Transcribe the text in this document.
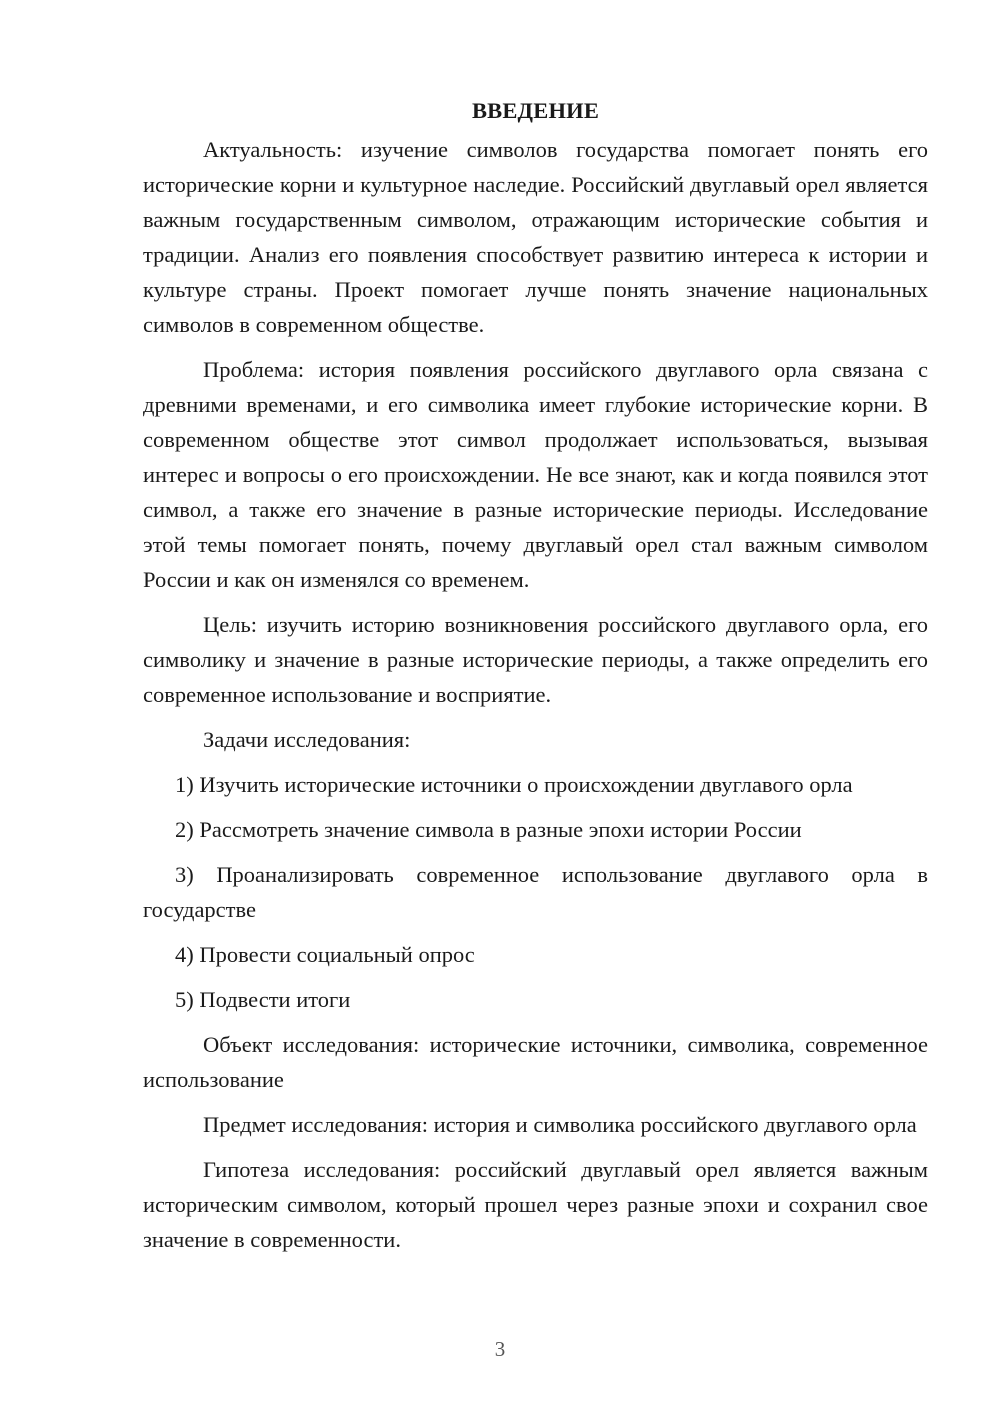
ВВЕДЕНИЕ

Актуальность: изучение символов государства помогает понять его исторические корни и культурное наследие. Российский двуглавый орел является важным государственным символом, отражающим исторические события и традиции. Анализ его появления способствует развитию интереса к истории и культуре страны. Проект помогает лучше понять значение национальных символов в современном обществе.

Проблема: история появления российского двуглавого орла связана с древними временами, и его символика имеет глубокие исторические корни. В современном обществе этот символ продолжает использоваться, вызывая интерес и вопросы о его происхождении. Не все знают, как и когда появился этот символ, а также его значение в разные исторические периоды. Исследование этой темы помогает понять, почему двуглавый орел стал важным символом России и как он изменялся со временем.

Цель: изучить историю возникновения российского двуглавого орла, его символику и значение в разные исторические периоды, а также определить его современное использование и восприятие.

Задачи исследования:

1) Изучить исторические источники о происхождении двуглавого орла

2) Рассмотреть значение символа в разные эпохи истории России

3) Проанализировать современное использование двуглавого орла в государстве

4) Провести социальный опрос

5) Подвести итоги

Объект исследования: исторические источники, символика, современное использование

Предмет исследования: история и символика российского двуглавого орла

Гипотеза исследования: российский двуглавый орел является важным историческим символом, который прошел через разные эпохи и сохранил свое значение в современности.

3
